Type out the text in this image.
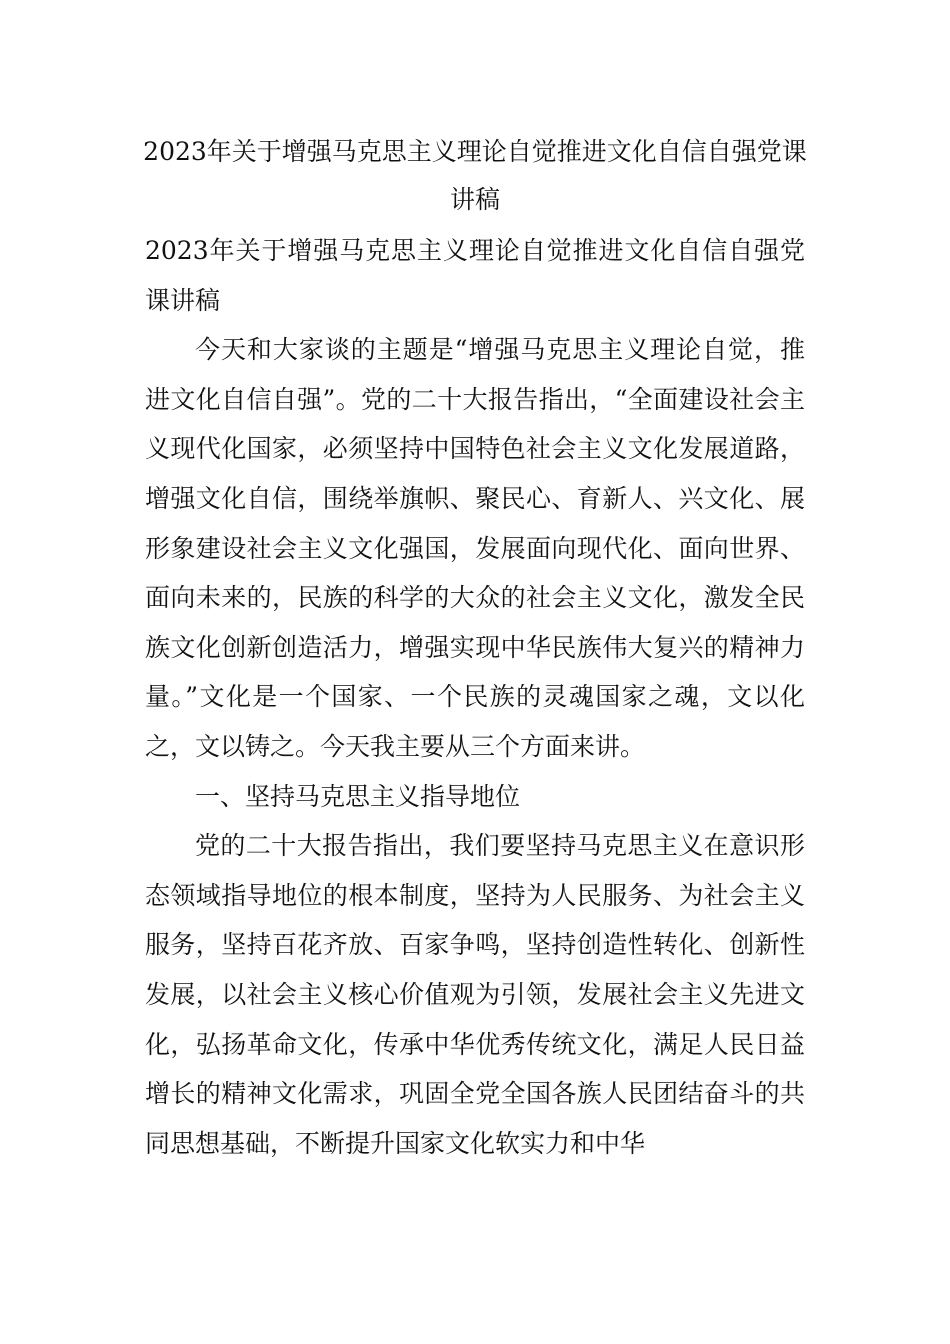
2023年关于增强马克思主义理论自觉推进文化自信自强党课讲稿

2023年关于增强马克思主义理论自觉推进文化自信自强党课讲稿

今天和大家谈的主题是“增强马克思主义理论自觉，推进文化自信自强”。党的二十大报告指出，“全面建设社会主义现代化国家，必须坚持中国特色社会主义文化发展道路，增强文化自信，围绕举旗帜、聚民心、育新人、兴文化、展形象建设社会主义文化强国，发展面向现代化、面向世界、面向未来的，民族的科学的大众的社会主义文化，激发全民族文化创新创造活力，增强实现中华民族伟大复兴的精神力量。”文化是一个国家、一个民族的灵魂国家之魂，文以化之，文以铸之。今天我主要从三个方面来讲。

一、坚持马克思主义指导地位

党的二十大报告指出，我们要坚持马克思主义在意识形态领域指导地位的根本制度，坚持为人民服务、为社会主义服务，坚持百花齐放、百家争鸣，坚持创造性转化、创新性发展，以社会主义核心价值观为引领，发展社会主义先进文化，弘扬革命文化，传承中华优秀传统文化，满足人民日益增长的精神文化需求，巩固全党全国各族人民团结奋斗的共同思想基础，不断提升国家文化软实力和中华
